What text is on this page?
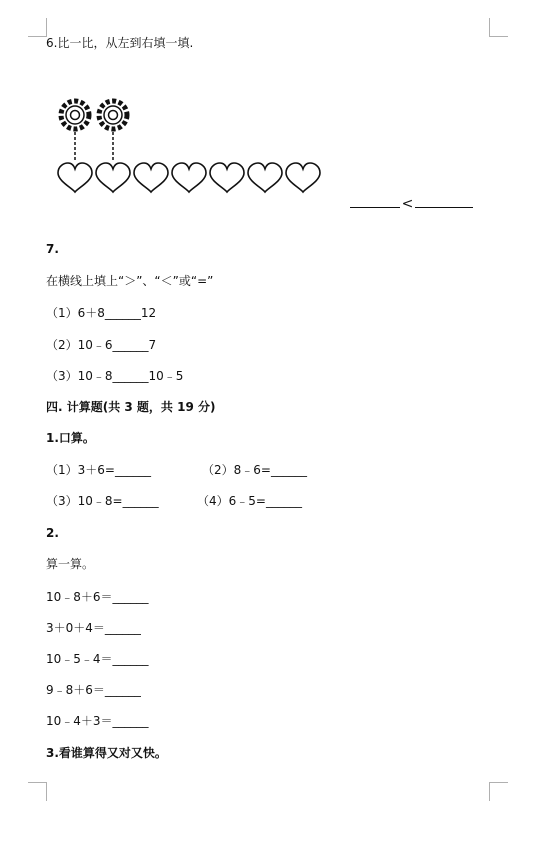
6.比一比，从左到右填一填.

<

7.
在横线上填上“＞”、“＜”或“=”
（1）6＋8______12
（2）10﹣6______7
（3）10﹣8______10﹣5
四. 计算题(共 3 题，共 19 分)
1.口算。
（1）3＋6=______	（2）8﹣6=______
（3）10﹣8=______	（4）6﹣5=______
2.
算一算。
10﹣8＋6＝______
3＋0＋4＝______
10﹣5﹣4＝______
9﹣8＋6＝______
10﹣4＋3＝______
3.看谁算得又对又快。
